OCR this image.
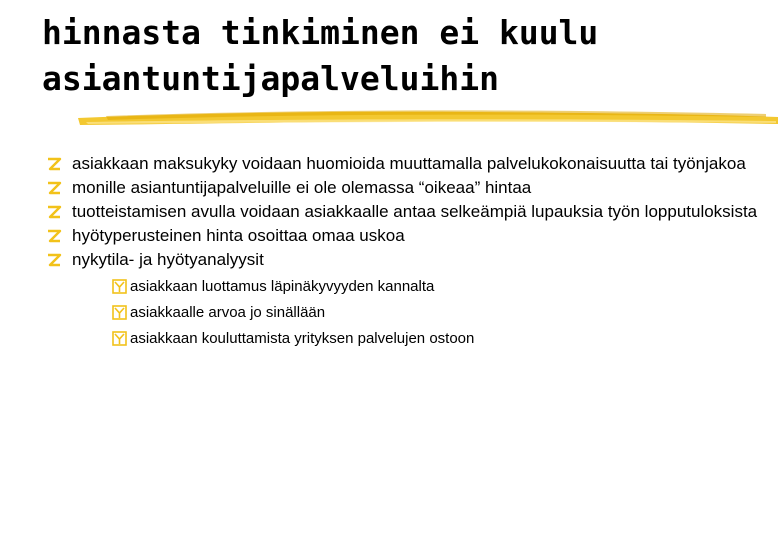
hinnasta tinkiminen ei kuulu
asiantuntijapalveluihin
asiakkaan maksukyky voidaan huomioida muuttamalla palvelukokonaisuutta tai työnjakoa
monille asiantuntijapalveluille ei ole olemassa “oikeaa” hintaa
tuotteistamisen avulla voidaan asiakkaalle antaa selkeämpiä lupauksia työn lopputuloksista
hyötyperusteinen hinta osoittaa omaa uskoa
nykytila- ja hyötyanalyysit
asiakkaan luottamus läpinäkyvyyden kannalta
asiakkaalle arvoa jo sinällään
asiakkaan kouluttamista yrityksen palvelujen ostoon
